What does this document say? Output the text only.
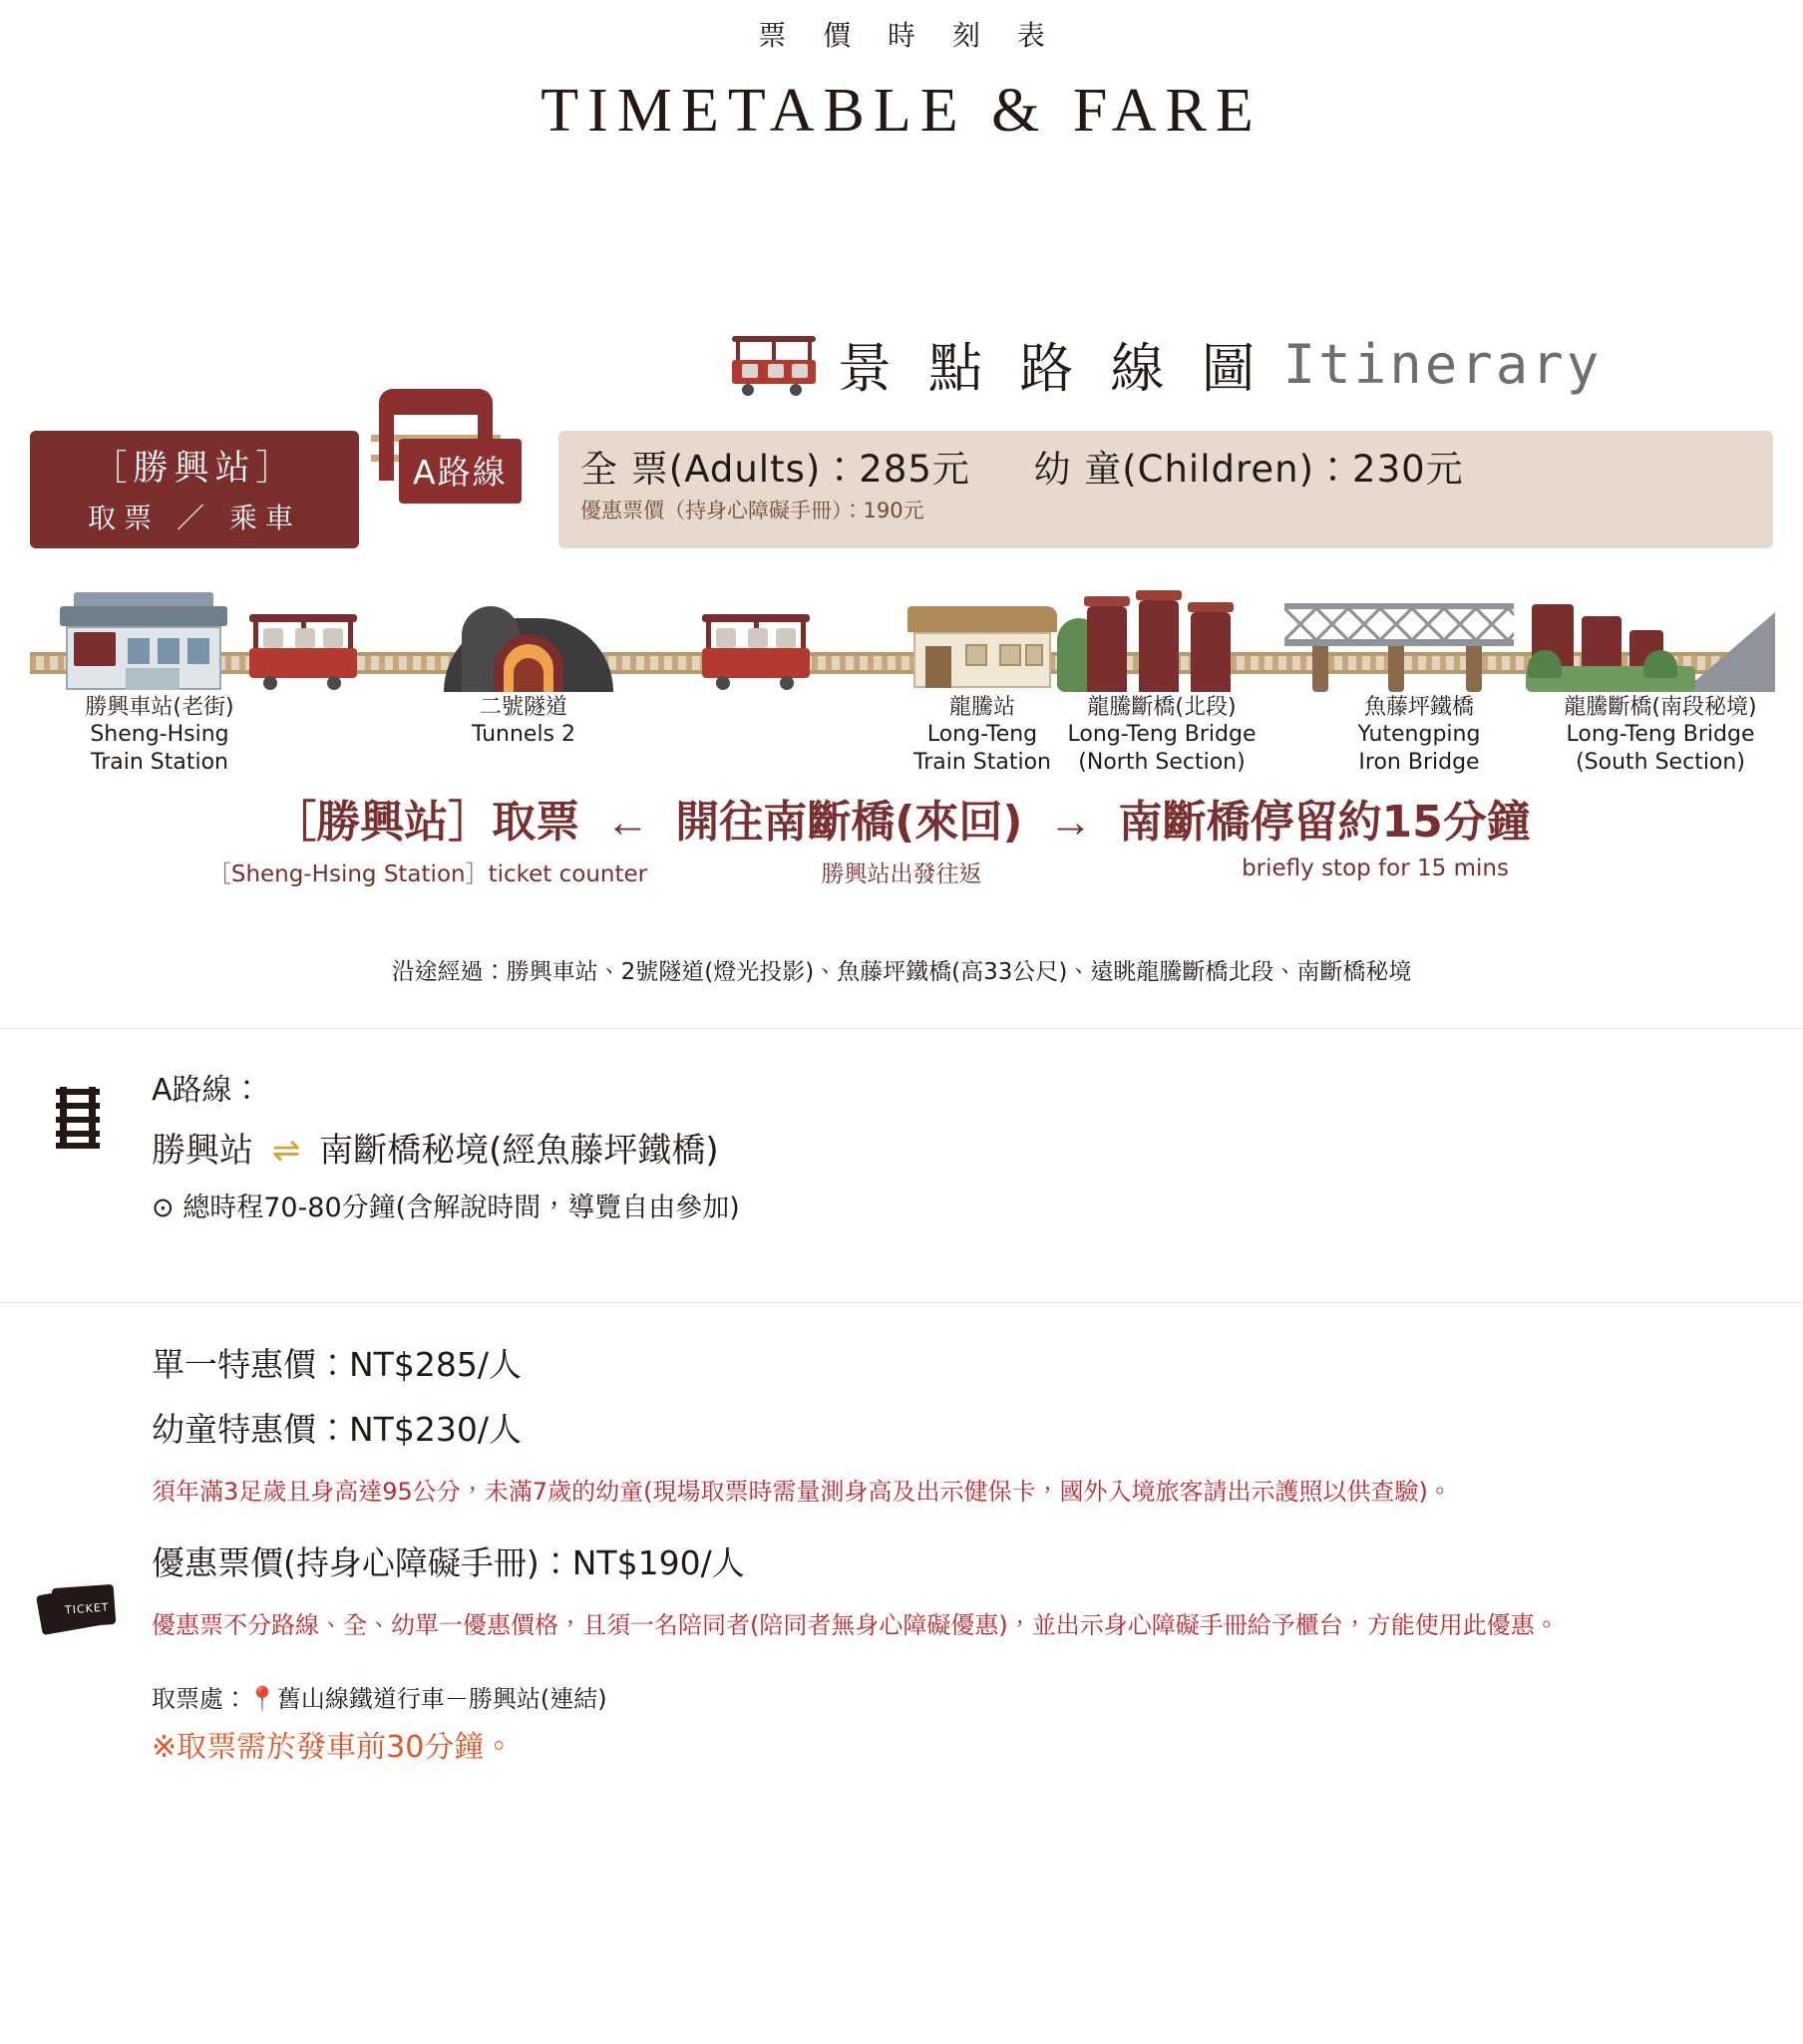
票 價 時 刻 表
TIMETABLE & FARE
景 點 路 線 圖 Itinerary
［勝興站］
取票 ／ 乘車
A路線	全 票(Adults)：285元 幼 童(Children)：230元
優惠票價（持身心障礙手冊）：190元
勝興車站(老街)
Sheng-Hsing
Train Station
二號隧道
Tunnels 2
龍騰站
Long-Teng
Train Station
龍騰斷橋(北段)
Long-Teng Bridge
(North Section)
魚藤坪鐵橋
Yutengping
Iron Bridge
龍騰斷橋(南段秘境)
Long-Teng Bridge
(South Section)
［勝興站］取票 ← 開往南斷橋(來回) → 南斷橋停留約15分鐘
［Sheng-Hsing Station］ticket counter	勝興站出發往返	briefly stop for 15 mins
沿途經過：勝興車站、2號隧道(燈光投影)、魚藤坪鐵橋(高33公尺)、遠眺龍騰斷橋北段、南斷橋秘境
A路線：
勝興站 ⇌ 南斷橋秘境(經魚藤坪鐵橋)
⊙ 總時程70-80分鐘(含解說時間，導覽自由參加)
TICKET
單一特惠價：NT$285/人
幼童特惠價：NT$230/人
須年滿3足歲且身高達95公分，未滿7歲的幼童(現場取票時需量測身高及出示健保卡，國外入境旅客請出示護照以供查驗)。
優惠票價(持身心障礙手冊)：NT$190/人
優惠票不分路線、全、幼單一優惠價格，且須一名陪同者(陪同者無身心障礙優惠)，並出示身心障礙手冊給予櫃台，方能使用此優惠。
取票處：📍舊山線鐵道行車－勝興站(連結)
※取票需於發車前30分鐘。
